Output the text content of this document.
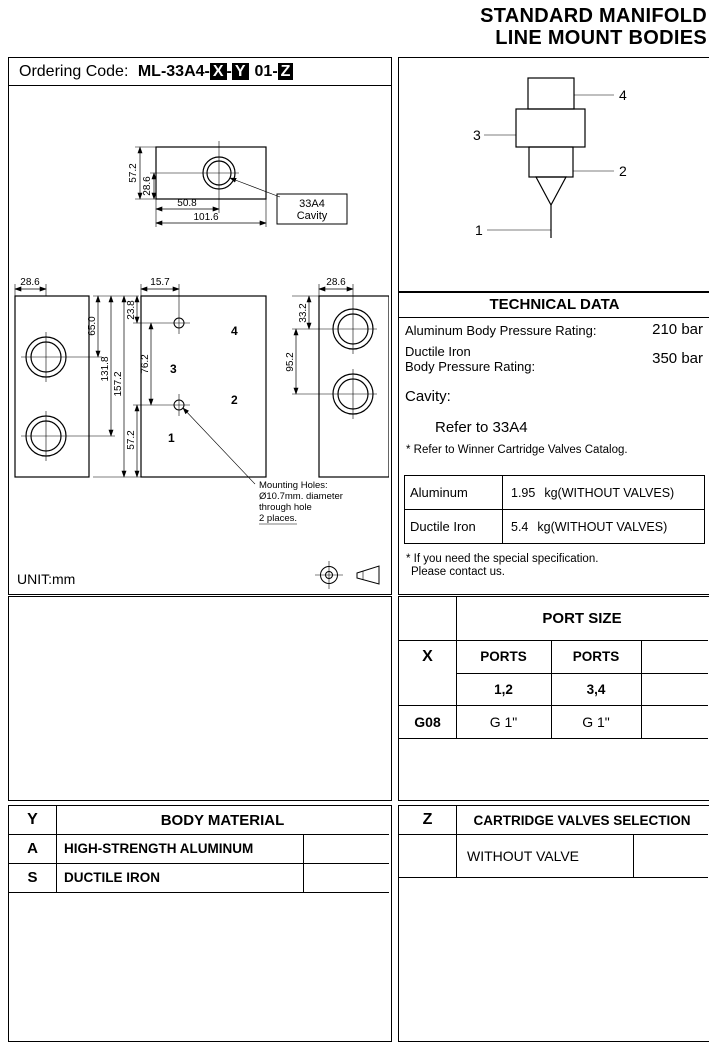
STANDARD MANIFOLD
LINE MOUNT BODIES
Ordering Code: ML-33A4- X - Y 01- Z
57.2
28.6
50.8
101.6
33A4
Cavity
28.6
4
3
2
1
15.7	28.6
65.0
131.8
157.2
23.8
76.2
57.2
33.2
95.2
Mounting Holes:
Ø10.7mm. diameter
through hole
2 places.
UNIT:mm
4
3
2
1
TECHNICAL DATA
Aluminum Body Pressure Rating:	210 bar
Ductile Iron
Body Pressure Rating:	350 bar
Cavity:
Refer to 33A4
* Refer to Winner Cartridge Valves Catalog.
Aluminum	1.95 kg(WITHOUT VALVES)
Ductile Iron	5.4 kg(WITHOUT VALVES)
* If you need the special specification.
Please contact us.
PORT SIZE
X	PORTS	PORTS
1,2	3,4
G08	G 1"	G 1"
Y	BODY MATERIAL
A	HIGH-STRENGTH ALUMINUM
S	DUCTILE IRON
Z	CARTRIDGE VALVES SELECTION
WITHOUT VALVE
